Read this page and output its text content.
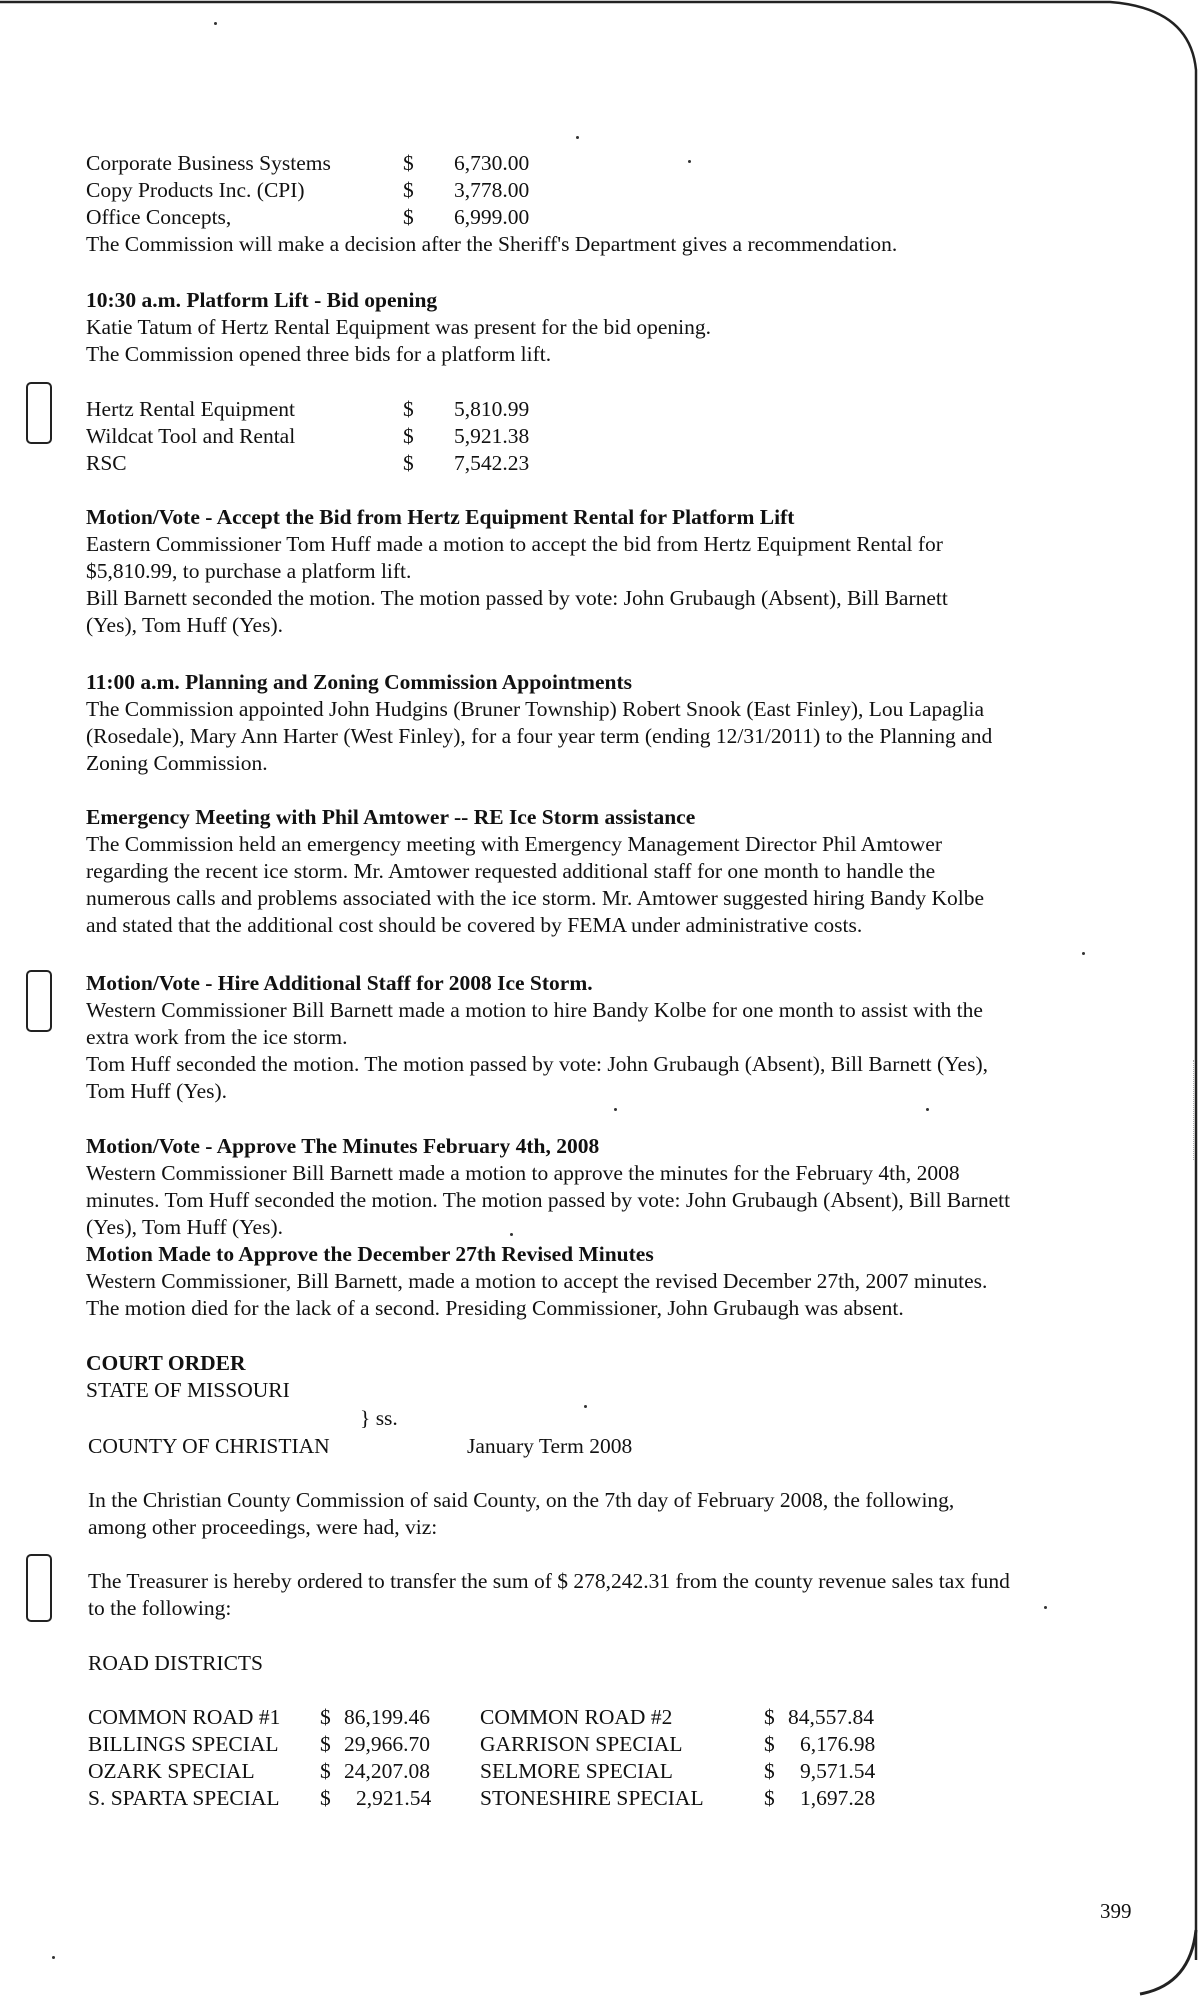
Corporate Business Systems	$ 6,730.00
Copy Products Inc. (CPI)	$ 3,778.00
Office Concepts,	$ 6,999.00
The Commission will make a decision after the Sheriff's Department gives a recommendation.
10:30 a.m. Platform Lift - Bid opening
Katie Tatum of Hertz Rental Equipment was present for the bid opening.
The Commission opened three bids for a platform lift.
Hertz Rental Equipment	$ 5,810.99
Wildcat Tool and Rental	$ 5,921.38
RSC	$ 7,542.23
Motion/Vote - Accept the Bid from Hertz Equipment Rental for Platform Lift
Eastern Commissioner Tom Huff made a motion to accept the bid from Hertz Equipment Rental for
$5,810.99, to purchase a platform lift.
Bill Barnett seconded the motion. The motion passed by vote: John Grubaugh (Absent), Bill Barnett
(Yes), Tom Huff (Yes).
11:00 a.m. Planning and Zoning Commission Appointments
The Commission appointed John Hudgins (Bruner Township) Robert Snook (East Finley), Lou Lapaglia
(Rosedale), Mary Ann Harter (West Finley), for a four year term (ending 12/31/2011) to the Planning and
Zoning Commission.
Emergency Meeting with Phil Amtower -- RE Ice Storm assistance
The Commission held an emergency meeting with Emergency Management Director Phil Amtower
regarding the recent ice storm. Mr. Amtower requested additional staff for one month to handle the
numerous calls and problems associated with the ice storm. Mr. Amtower suggested hiring Bandy Kolbe
and stated that the additional cost should be covered by FEMA under administrative costs.
Motion/Vote - Hire Additional Staff for 2008 Ice Storm.
Western Commissioner Bill Barnett made a motion to hire Bandy Kolbe for one month to assist with the
extra work from the ice storm.
Tom Huff seconded the motion. The motion passed by vote: John Grubaugh (Absent), Bill Barnett (Yes),
Tom Huff (Yes).
Motion/Vote - Approve The Minutes February 4th, 2008
Western Commissioner Bill Barnett made a motion to approve the minutes for the February 4th, 2008
minutes. Tom Huff seconded the motion. The motion passed by vote: John Grubaugh (Absent), Bill Barnett
(Yes), Tom Huff (Yes).
Motion Made to Approve the December 27th Revised Minutes
Western Commissioner, Bill Barnett, made a motion to accept the revised December 27th, 2007 minutes.
The motion died for the lack of a second. Presiding Commissioner, John Grubaugh was absent.
COURT ORDER
STATE OF MISSOURI
} ss.
COUNTY OF CHRISTIAN	January Term 2008
In the Christian County Commission of said County, on the 7th day of February 2008, the following,
among other proceedings, were had, viz:
The Treasurer is hereby ordered to transfer the sum of $ 278,242.31 from the county revenue sales tax fund
to the following:
ROAD DISTRICTS
COMMON ROAD #1 $ 86,199.46 COMMON ROAD #2	$ 84,557.84
BILLINGS SPECIAL $ 29,966.70 GARRISON SPECIAL	$ 6,176.98
OZARK SPECIAL	$ 24,207.08 SELMORE SPECIAL	$ 9,571.54
S. SPARTA SPECIAL $ 2,921.54 STONESHIRE SPECIAL	$ 1,697.28
399
